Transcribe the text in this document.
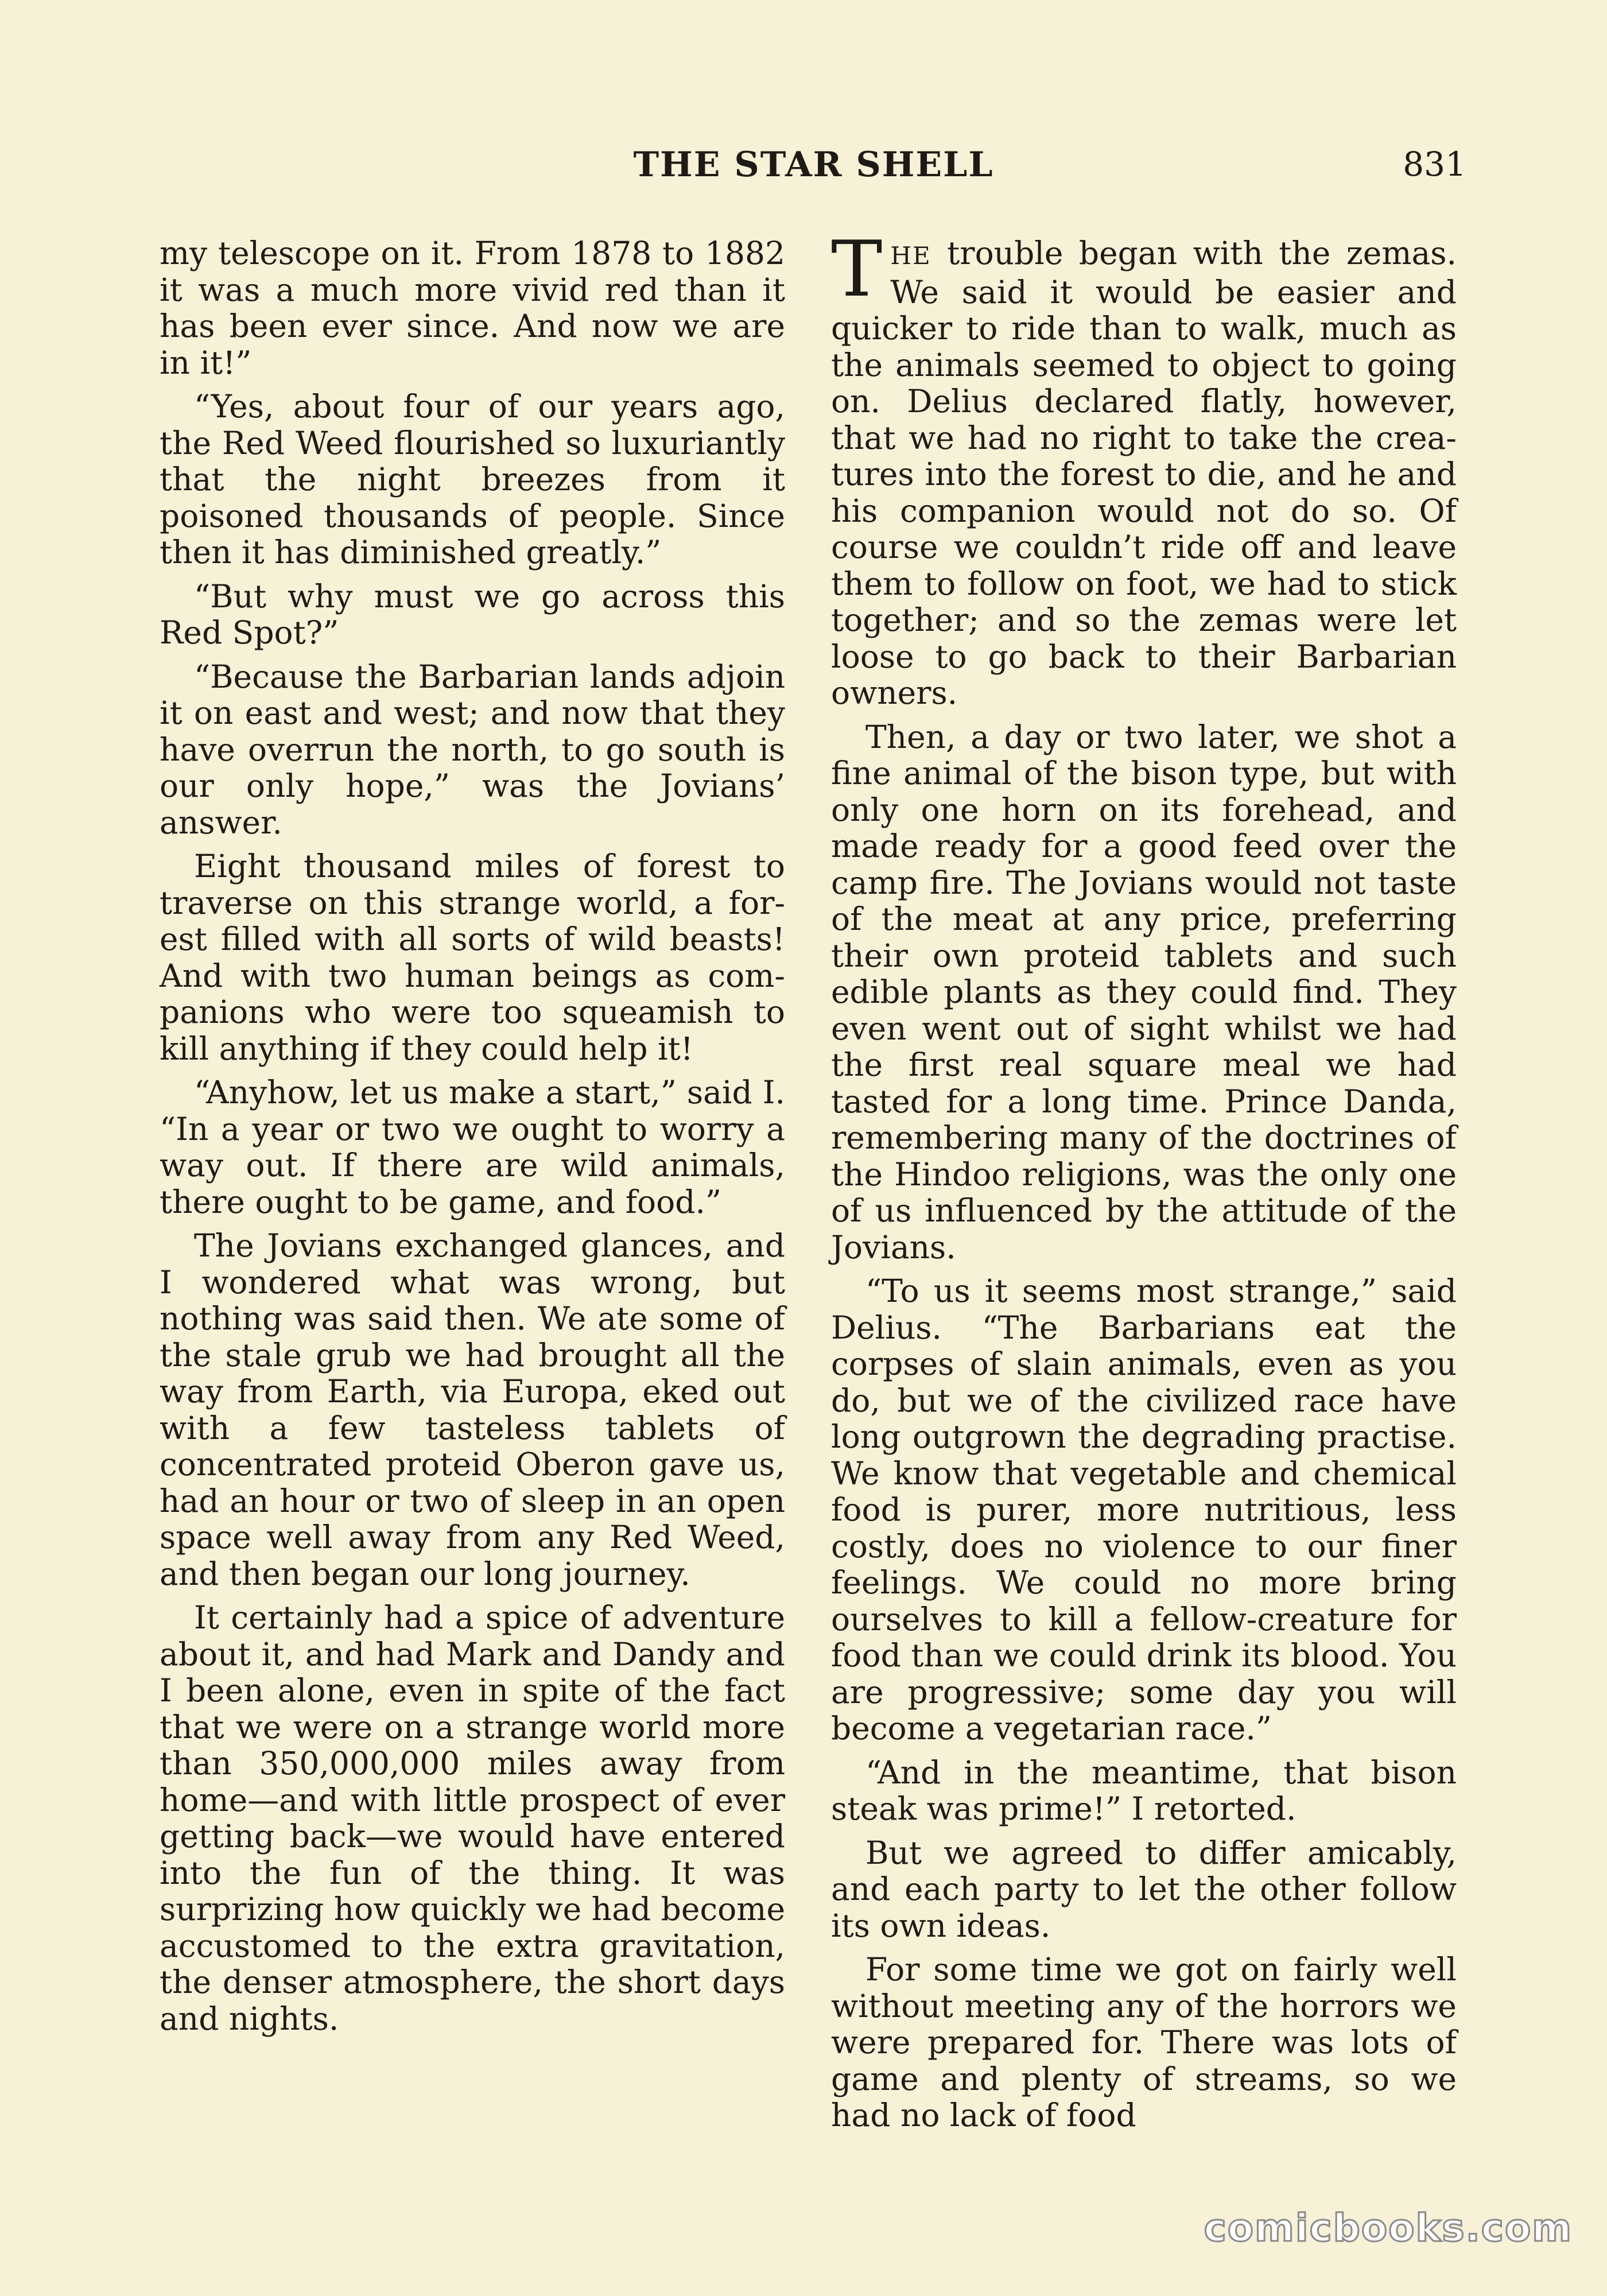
THE STAR SHELL	831

my telescope on it. From 1878 to 1882 it was a much more vivid red than it has been ever since. And now we are in it!”

“Yes, about four of our years ago, the Red Weed flourished so luxuriantly that the night breezes from it poisoned thousands of people. Since then it has diminished greatly.”

“But why must we go across this Red Spot?”

“Because the Barbarian lands adjoin it on east and west; and now that they have overrun the north, to go south is our only hope,” was the Jovians’ answer.

Eight thousand miles of forest to traverse on this strange world, a forest filled with all sorts of wild beasts! And with two human beings as companions who were too squeamish to kill anything if they could help it!

“Anyhow, let us make a start,” said I. “In a year or two we ought to worry a way out. If there are wild animals, there ought to be game, and food.”

The Jovians exchanged glances, and I wondered what was wrong, but nothing was said then. We ate some of the stale grub we had brought all the way from Earth, via Europa, eked out with a few tasteless tablets of concentrated proteid Oberon gave us, had an hour or two of sleep in an open space well away from any Red Weed, and then began our long journey.

It certainly had a spice of adventure about it, and had Mark and Dandy and I been alone, even in spite of the fact that we were on a strange world more than 350,000,000 miles away from home—and with little prospect of ever getting back—we would have entered into the fun of the thing. It was surprizing how quickly we had become accustomed to the extra gravitation, the denser atmosphere, the short days and nights.

THE trouble began with the zemas. We said it would be easier and quicker to ride than to walk, much as the animals seemed to object to going on. Delius declared flatly, however, that we had no right to take the creatures into the forest to die, and he and his companion would not do so. Of course we couldn’t ride off and leave them to follow on foot, we had to stick together; and so the zemas were let loose to go back to their Barbarian owners.

Then, a day or two later, we shot a fine animal of the bison type, but with only one horn on its forehead, and made ready for a good feed over the camp fire. The Jovians would not taste of the meat at any price, preferring their own proteid tablets and such edible plants as they could find. They even went out of sight whilst we had the first real square meal we had tasted for a long time. Prince Danda, remembering many of the doctrines of the Hindoo religions, was the only one of us influenced by the attitude of the Jovians.

“To us it seems most strange,” said Delius. “The Barbarians eat the corpses of slain animals, even as you do, but we of the civilized race have long outgrown the degrading practise. We know that vegetable and chemical food is purer, more nutritious, less costly, does no violence to our finer feelings. We could no more bring ourselves to kill a fellow-creature for food than we could drink its blood. You are progressive; some day you will become a vegetarian race.”

“And in the meantime, that bison steak was prime!” I retorted.

But we agreed to differ amicably, and each party to let the other follow its own ideas.

For some time we got on fairly well without meeting any of the horrors we were prepared for. There was lots of game and plenty of streams, so we had no lack of food

comicbooks.com
